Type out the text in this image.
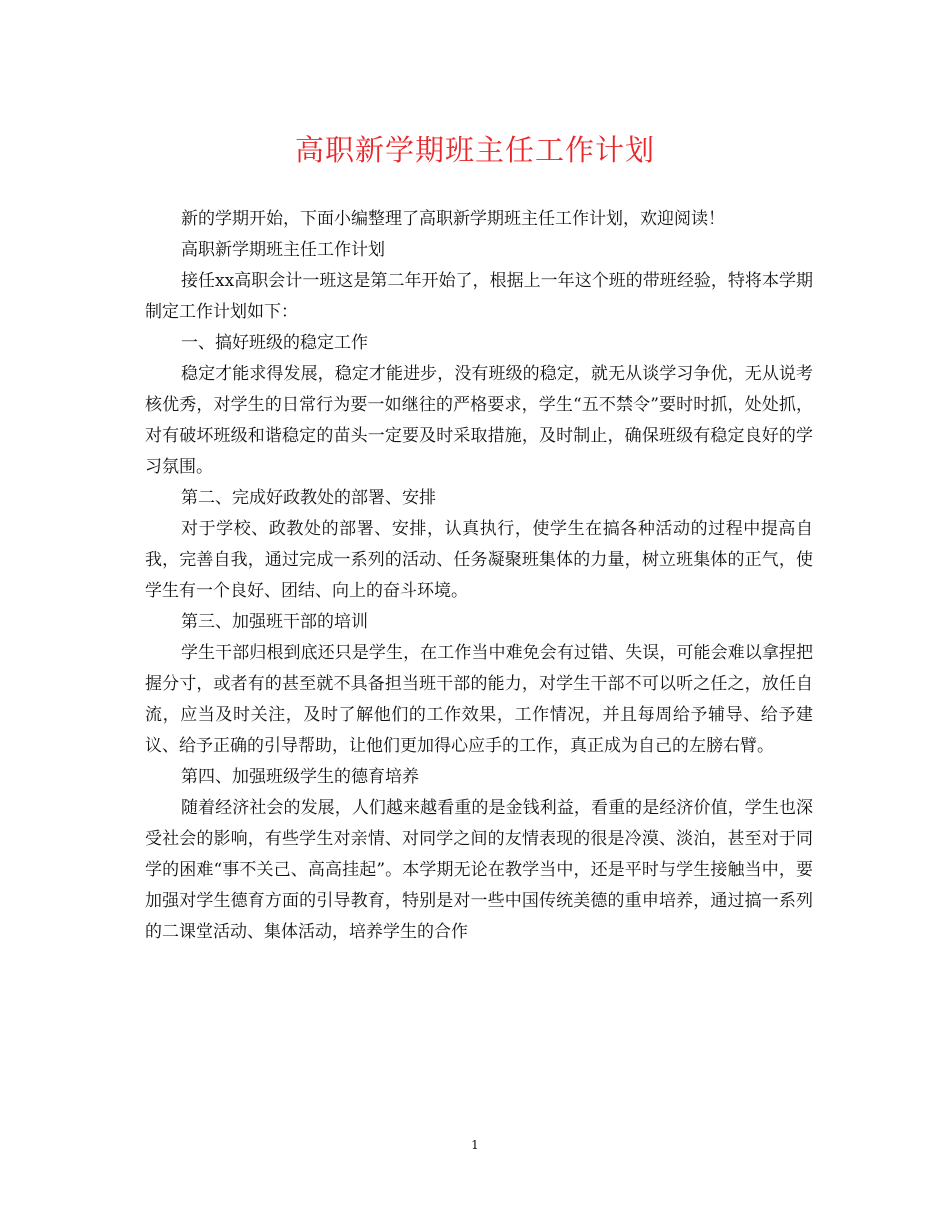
高职新学期班主任工作计划

新的学期开始，下面小编整理了高职新学期班主任工作计划，欢迎阅读！

高职新学期班主任工作计划

接任xx高职会计一班这是第二年开始了，根据上一年这个班的带班经验，特将本学期制定工作计划如下：

一、搞好班级的稳定工作

稳定才能求得发展，稳定才能进步，没有班级的稳定，就无从谈学习争优，无从说考核优秀，对学生的日常行为要一如继往的严格要求，学生“五不禁令”要时时抓，处处抓，对有破坏班级和谐稳定的苗头一定要及时采取措施，及时制止，确保班级有稳定良好的学习氛围。

第二、完成好政教处的部署、安排

对于学校、政教处的部署、安排，认真执行，使学生在搞各种活动的过程中提高自我，完善自我，通过完成一系列的活动、任务凝聚班集体的力量，树立班集体的正气，使学生有一个良好、团结、向上的奋斗环境。

第三、加强班干部的培训

学生干部归根到底还只是学生，在工作当中难免会有过错、失误，可能会难以拿捏把握分寸，或者有的甚至就不具备担当班干部的能力，对学生干部不可以听之任之，放任自流，应当及时关注，及时了解他们的工作效果，工作情况，并且每周给予辅导、给予建议、给予正确的引导帮助，让他们更加得心应手的工作，真正成为自己的左膀右臂。

第四、加强班级学生的德育培养

随着经济社会的发展，人们越来越看重的是金钱利益，看重的是经济价值，学生也深受社会的影响，有些学生对亲情、对同学之间的友情表现的很是冷漠、淡泊，甚至对于同学的困难“事不关己、高高挂起”。本学期无论在教学当中，还是平时与学生接触当中，要加强对学生德育方面的引导教育，特别是对一些中国传统美德的重申培养，通过搞一系列的二课堂活动、集体活动，培养学生的合作

1
